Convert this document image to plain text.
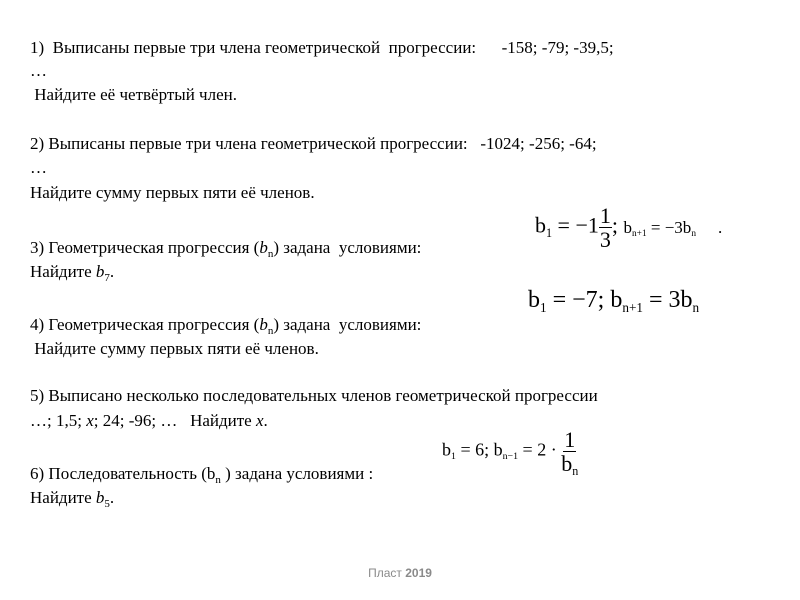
1)  Выписаны первые три члена геометрической  прогрессии:      -158; -79; -39,5;
…
Найдите её четвёртый член.
2) Выписаны первые три члена геометрической прогрессии:   -1024; -256; -64;
…
Найдите сумму первых пяти её членов.
3) Геометрическая прогрессия $(b_n)$ задана  условиями:
Найдите $b_7$.
$b1 = -1 \frac{1}{3}$ ; bn+1 = −3bn .
4) Геометрическая прогрессия $(b_n)$ задана  условиями:
Найдите сумму первых пяти её членов.
b1 = −7; bn+1 = 3bn
5) Выписано несколько последовательных членов геометрической прогрессии
…; 1,5; x; 24; -96; …   Найдите x.
6) Последовательность ($b_n$ ) задана условиями :
Найдите $b_5$.
b1 = 6; $bn-1 = 2 \cdot \frac{1}{bn}$
Пласт 2019
